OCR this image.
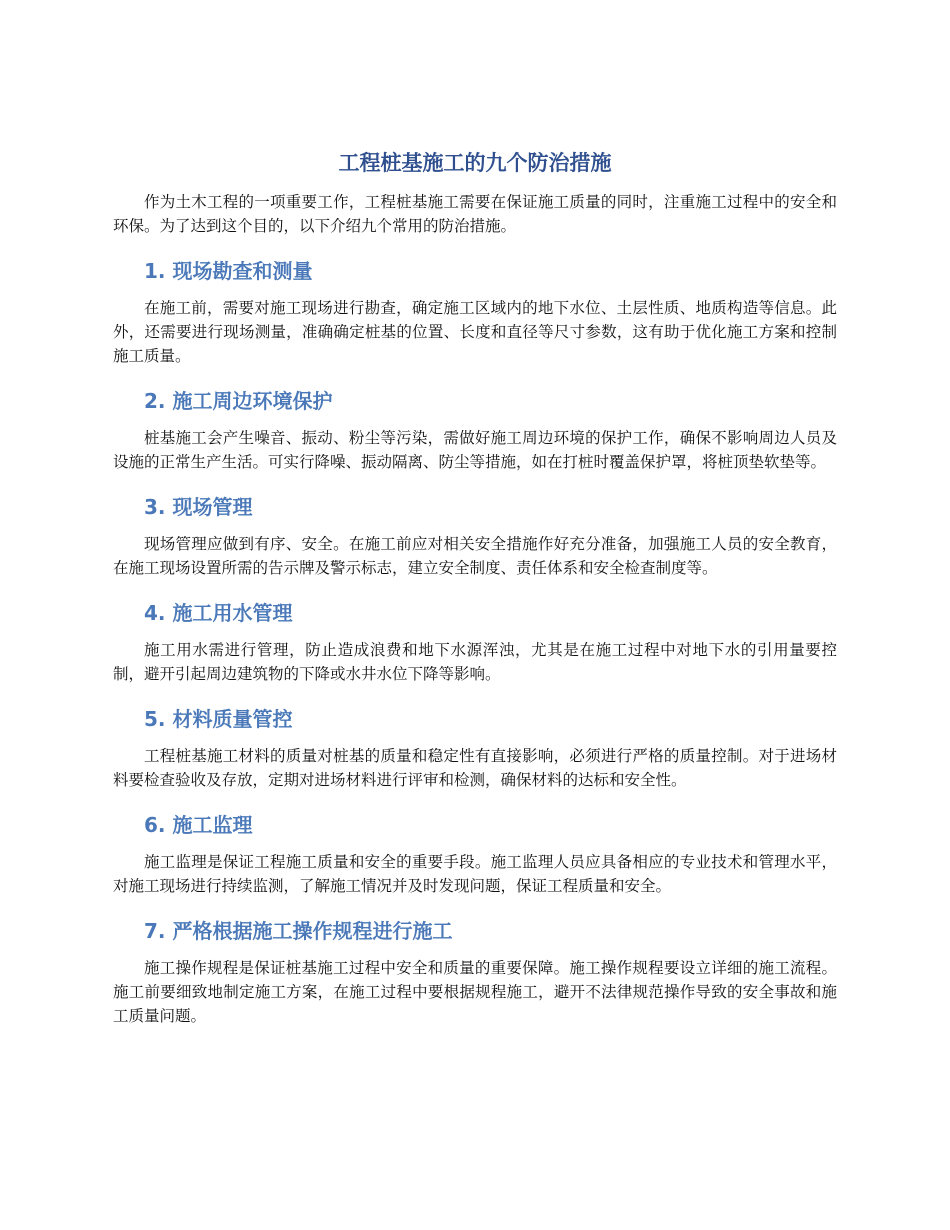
工程桩基施工的九个防治措施

作为土木工程的一项重要工作，工程桩基施工需要在保证施工质量的同时，注重施工过程中的安全和环保。为了达到这个目的，以下介绍九个常用的防治措施。

1. 现场勘查和测量

在施工前，需要对施工现场进行勘查，确定施工区域内的地下水位、土层性质、地质构造等信息。此外，还需要进行现场测量，准确确定桩基的位置、长度和直径等尺寸参数，这有助于优化施工方案和控制施工质量。

2. 施工周边环境保护

桩基施工会产生噪音、振动、粉尘等污染，需做好施工周边环境的保护工作，确保不影响周边人员及设施的正常生产生活。可实行降噪、振动隔离、防尘等措施，如在打桩时覆盖保护罩，将桩顶垫软垫等。

3. 现场管理

现场管理应做到有序、安全。在施工前应对相关安全措施作好充分准备，加强施工人员的安全教育，在施工现场设置所需的告示牌及警示标志，建立安全制度、责任体系和安全检查制度等。

4. 施工用水管理

施工用水需进行管理，防止造成浪费和地下水源浑浊，尤其是在施工过程中对地下水的引用量要控制，避开引起周边建筑物的下降或水井水位下降等影响。

5. 材料质量管控

工程桩基施工材料的质量对桩基的质量和稳定性有直接影响，必须进行严格的质量控制。对于进场材料要检查验收及存放，定期对进场材料进行评审和检测，确保材料的达标和安全性。

6. 施工监理

施工监理是保证工程施工质量和安全的重要手段。施工监理人员应具备相应的专业技术和管理水平，对施工现场进行持续监测，了解施工情况并及时发现问题，保证工程质量和安全。

7. 严格根据施工操作规程进行施工

施工操作规程是保证桩基施工过程中安全和质量的重要保障。施工操作规程要设立详细的施工流程。施工前要细致地制定施工方案，在施工过程中要根据规程施工，避开不法律规范操作导致的安全事故和施工质量问题。
